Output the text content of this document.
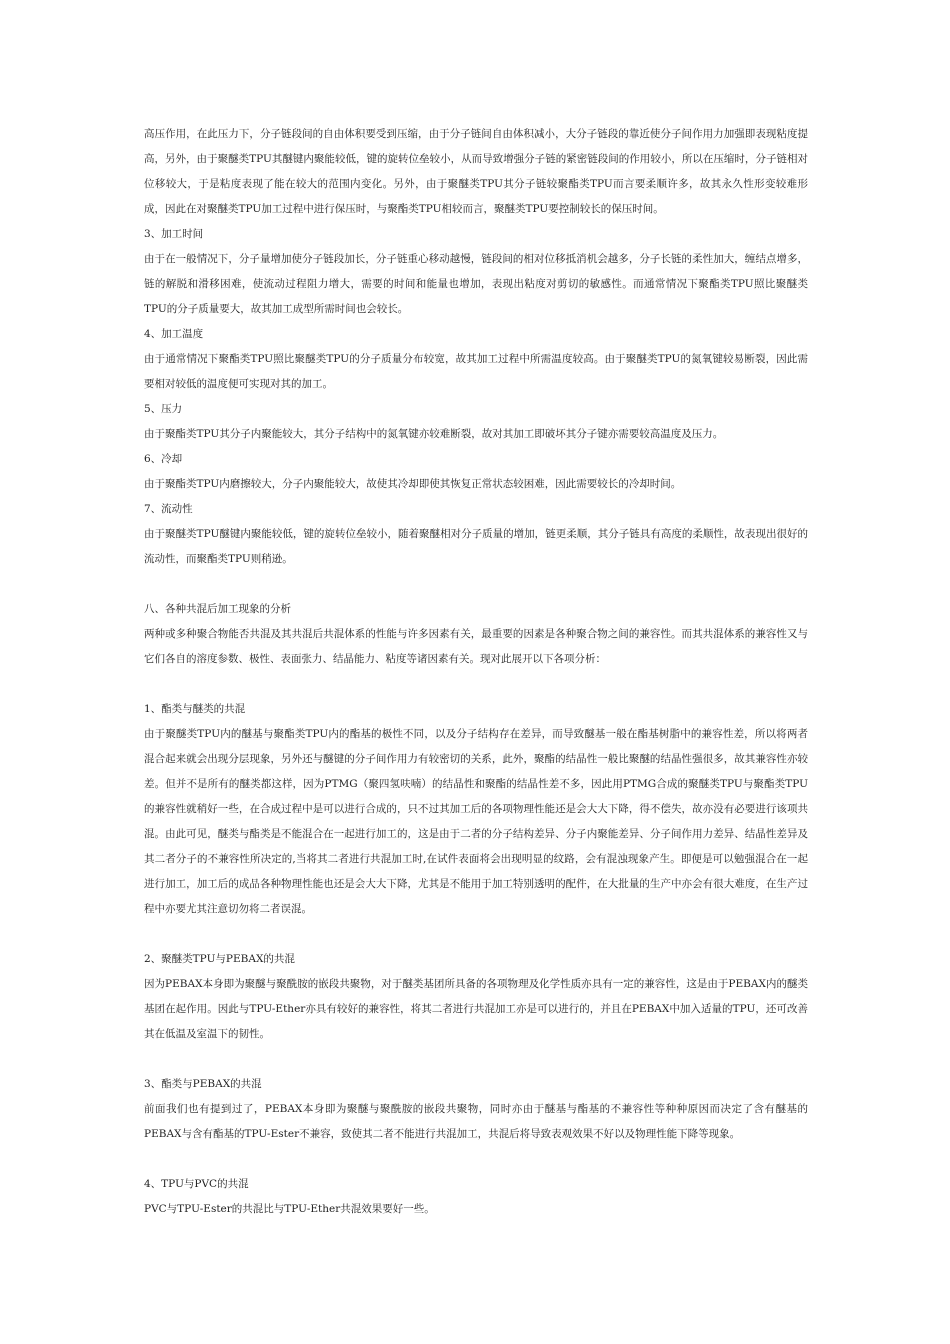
高压作用，在此压力下，分子链段间的自由体积要受到压缩，由于分子链间自由体积减小，大分子链段的靠近使分子间作用力加强即表现粘度提高，另外，由于聚醚类TPU其醚键内聚能较低，键的旋转位垒较小，从而导致增强分子链的紧密链段间的作用较小，所以在压缩时，分子链相对位移较大，于是粘度表现了能在较大的范围内变化。另外，由于聚醚类TPU其分子链较聚酯类TPU而言要柔顺许多，故其永久性形变较难形成，因此在对聚醚类TPU加工过程中进行保压时，与聚酯类TPU相较而言，聚醚类TPU要控制较长的保压时间。

3、加工时间

由于在一般情况下，分子量增加使分子链段加长，分子链重心移动越慢，链段间的相对位移抵消机会越多，分子长链的柔性加大，缠结点增多，链的解脱和滑移困难，使流动过程阻力增大，需要的时间和能量也增加，表现出粘度对剪切的敏感性。而通常情况下聚酯类TPU照比聚醚类TPU的分子质量要大，故其加工成型所需时间也会较长。

4、加工温度

由于通常情况下聚酯类TPU照比聚醚类TPU的分子质量分布较宽，故其加工过程中所需温度较高。由于聚醚类TPU的氮氧键较易断裂，因此需要相对较低的温度便可实现对其的加工。

5、压力

由于聚酯类TPU其分子内聚能较大，其分子结构中的氮氧键亦较难断裂，故对其加工即破坏其分子键亦需要较高温度及压力。

6、冷却

由于聚酯类TPU内磨擦较大，分子内聚能较大，故使其冷却即使其恢复正常状态较困难，因此需要较长的冷却时间。

7、流动性

由于聚醚类TPU醚键内聚能较低，键的旋转位垒较小，随着聚醚相对分子质量的增加，链更柔顺，其分子链具有高度的柔顺性，故表现出很好的流动性，而聚酯类TPU则稍逊。

八、各种共混后加工现象的分析

两种或多种聚合物能否共混及其共混后共混体系的性能与许多因素有关，最重要的因素是各种聚合物之间的兼容性。而其共混体系的兼容性又与它们各自的溶度参数、极性、表面张力、结晶能力、粘度等诸因素有关。现对此展开以下各项分析：

1、酯类与醚类的共混

由于聚醚类TPU内的醚基与聚酯类TPU内的酯基的极性不同，以及分子结构存在差异，而导致醚基一般在酯基树脂中的兼容性差，所以将两者混合起来就会出现分层现象，另外还与醚键的分子间作用力有较密切的关系，此外，聚酯的结晶性一般比聚醚的结晶性强很多，故其兼容性亦较差。但并不是所有的醚类都这样，因为PTMG（聚四氢呋喃）的结晶性和聚酯的结晶性差不多，因此用PTMG合成的聚醚类TPU与聚酯类TPU的兼容性就稍好一些，在合成过程中是可以进行合成的，只不过其加工后的各项物理性能还是会大大下降，得不偿失，故亦没有必要进行该项共混。由此可见，醚类与酯类是不能混合在一起进行加工的，这是由于二者的分子结构差异、分子内聚能差异、分子间作用力差异、结晶性差异及其二者分子的不兼容性所决定的,当将其二者进行共混加工时,在试件表面将会出现明显的纹路，会有混浊现象产生。即便是可以勉强混合在一起进行加工，加工后的成品各种物理性能也还是会大大下降，尤其是不能用于加工特别透明的配件，在大批量的生产中亦会有很大难度，在生产过程中亦要尤其注意切勿将二者误混。

2、聚醚类TPU与PEBAX的共混

因为PEBAX本身即为聚醚与聚酰胺的嵌段共聚物，对于醚类基团所具备的各项物理及化学性质亦具有一定的兼容性，这是由于PEBAX内的醚类基团在起作用。因此与TPU-Ether亦具有较好的兼容性，将其二者进行共混加工亦是可以进行的，并且在PEBAX中加入适量的TPU，还可改善其在低温及室温下的韧性。

3、酯类与PEBAX的共混

前面我们也有提到过了，PEBAX本身即为聚醚与聚酰胺的嵌段共聚物，同时亦由于醚基与酯基的不兼容性等种种原因而决定了含有醚基的PEBAX与含有酯基的TPU-Ester不兼容，致使其二者不能进行共混加工，共混后将导致表观效果不好以及物理性能下降等现象。

4、TPU与PVC的共混

PVC与TPU-Ester的共混比与TPU-Ether共混效果要好一些。
